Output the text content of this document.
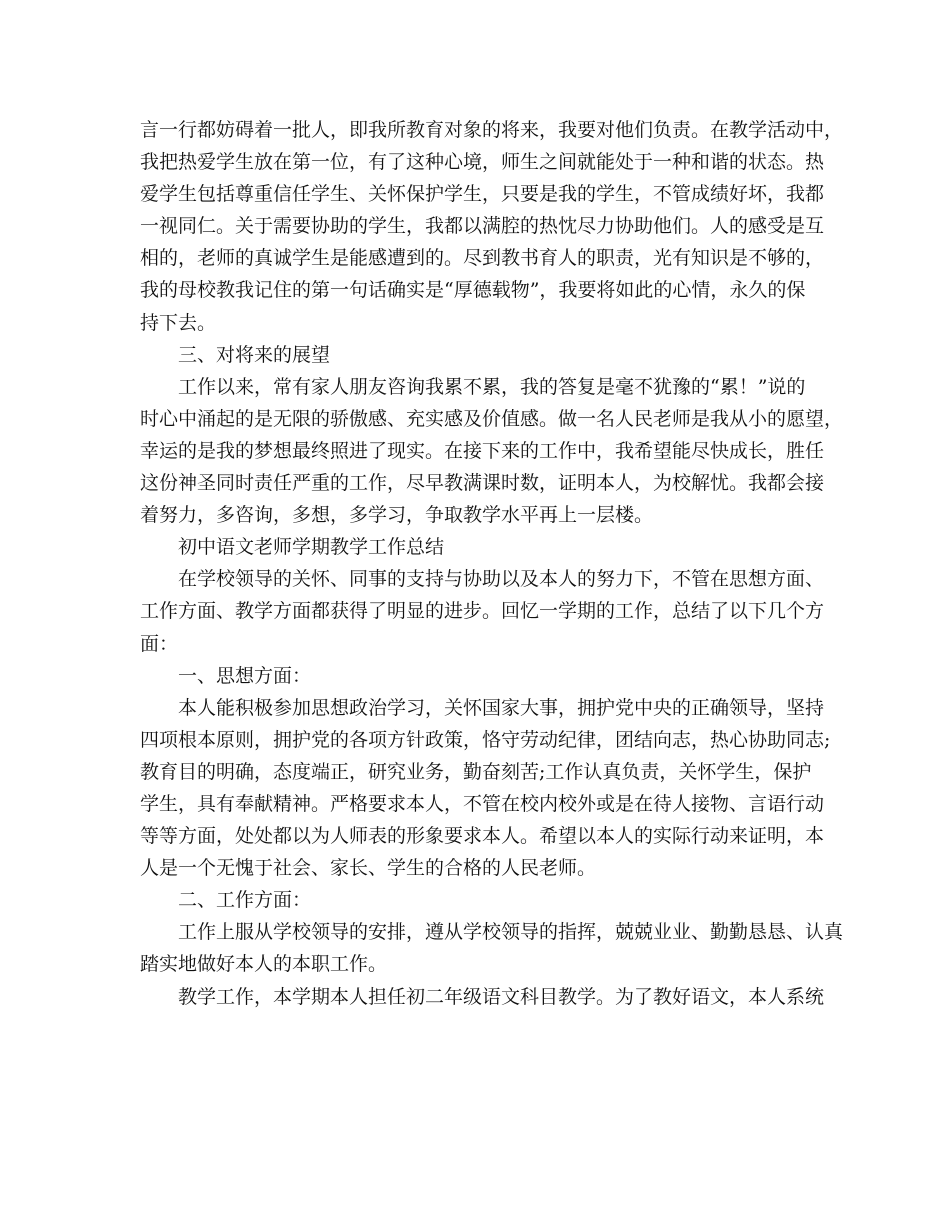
言一行都妨碍着一批人，即我所教育对象的将来，我要对他们负责。在教学活动中，
我把热爱学生放在第一位，有了这种心境，师生之间就能处于一种和谐的状态。热
爱学生包括尊重信任学生、关怀保护学生，只要是我的学生，不管成绩好坏，我都
一视同仁。关于需要协助的学生，我都以满腔的热忱尽力协助他们。人的感受是互
相的，老师的真诚学生是能感遭到的。尽到教书育人的职责，光有知识是不够的，
我的母校教我记住的第一句话确实是“厚德载物”，我要将如此的心情，永久的保
持下去。
三、对将来的展望
工作以来，常有家人朋友咨询我累不累，我的答复是毫不犹豫的“累！”说的
时心中涌起的是无限的骄傲感、充实感及价值感。做一名人民老师是我从小的愿望，
幸运的是我的梦想最终照进了现实。在接下来的工作中，我希望能尽快成长，胜任
这份神圣同时责任严重的工作，尽早教满课时数，证明本人，为校解忧。我都会接
着努力，多咨询，多想，多学习，争取教学水平再上一层楼。
初中语文老师学期教学工作总结
在学校领导的关怀、同事的支持与协助以及本人的努力下，不管在思想方面、
工作方面、教学方面都获得了明显的进步。回忆一学期的工作，总结了以下几个方
面：
一、思想方面：
本人能积极参加思想政治学习，关怀国家大事，拥护党中央的正确领导，坚持
四项根本原则，拥护党的各项方针政策，恪守劳动纪律，团结向志，热心协助同志;
教育目的明确，态度端正，研究业务，勤奋刻苦;工作认真负责，关怀学生，保护
学生，具有奉献精神。严格要求本人，不管在校内校外或是在待人接物、言语行动
等等方面，处处都以为人师表的形象要求本人。希望以本人的实际行动来证明，本
人是一个无愧于社会、家长、学生的合格的人民老师。
二、工作方面：
工作上服从学校领导的安排，遵从学校领导的指挥，兢兢业业、勤勤恳恳、认真
踏实地做好本人的本职工作。
教学工作，本学期本人担任初二年级语文科目教学。为了教好语文，本人系统
